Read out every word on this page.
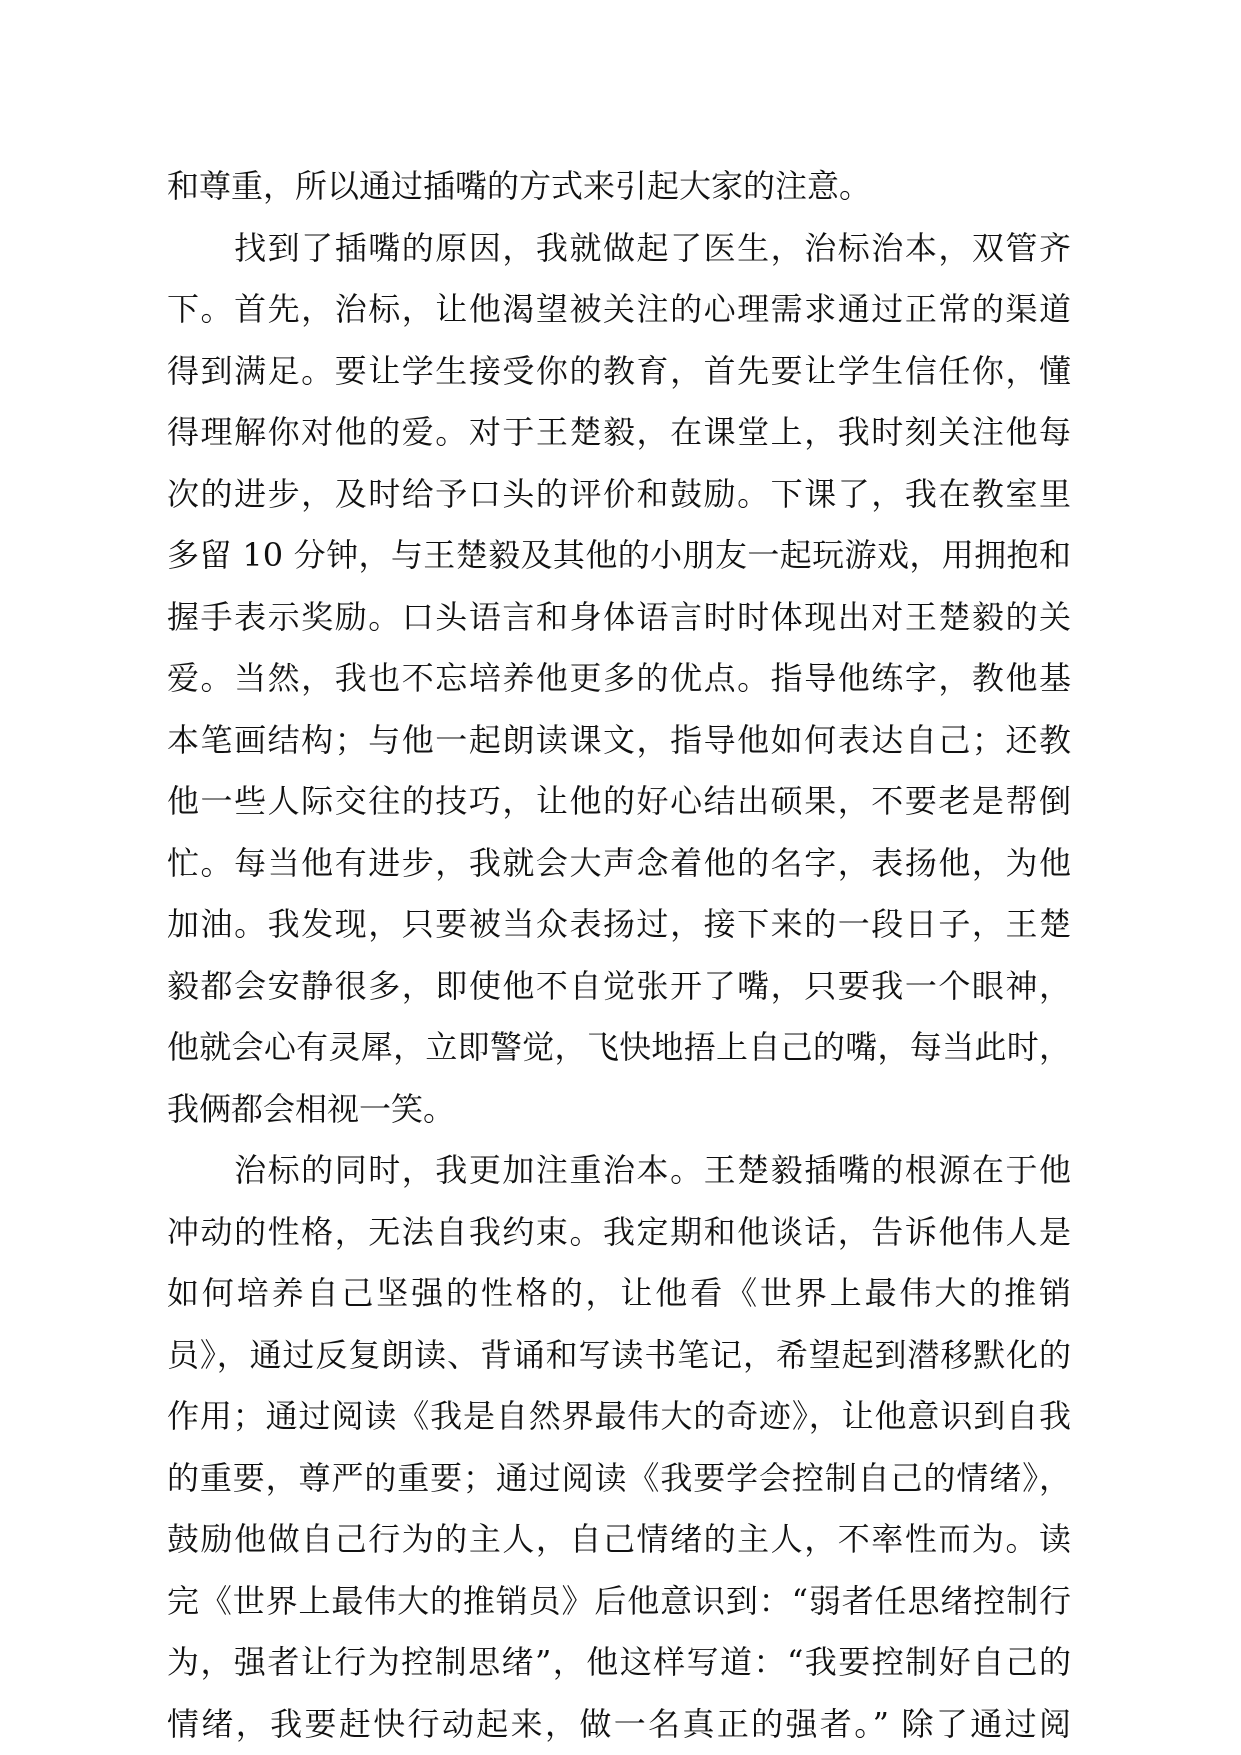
和尊重，所以通过插嘴的方式来引起大家的注意。
　　找到了插嘴的原因，我就做起了医生，治标治本，双管齐
下。首先，治标，让他渴望被关注的心理需求通过正常的渠道
得到满足。要让学生接受你的教育，首先要让学生信任你，懂
得理解你对他的爱。对于王楚毅，在课堂上，我时刻关注他每
次的进步，及时给予口头的评价和鼓励。下课了，我在教室里
多留 10 分钟，与王楚毅及其他的小朋友一起玩游戏，用拥抱和
握手表示奖励。口头语言和身体语言时时体现出对王楚毅的关
爱。当然，我也不忘培养他更多的优点。指导他练字，教他基
本笔画结构；与他一起朗读课文，指导他如何表达自己；还教
他一些人际交往的技巧，让他的好心结出硕果，不要老是帮倒
忙。每当他有进步，我就会大声念着他的名字，表扬他，为他
加油。我发现，只要被当众表扬过，接下来的一段日子，王楚
毅都会安静很多，即使他不自觉张开了嘴，只要我一个眼神，
他就会心有灵犀，立即警觉，飞快地捂上自己的嘴，每当此时，
我俩都会相视一笑。
　　治标的同时，我更加注重治本。王楚毅插嘴的根源在于他
冲动的性格，无法自我约束。我定期和他谈话，告诉他伟人是
如何培养自己坚强的性格的，让他看《世界上最伟大的推销
员》，通过反复朗读、背诵和写读书笔记，希望起到潜移默化的
作用；通过阅读《我是自然界最伟大的奇迹》，让他意识到自我
的重要，尊严的重要；通过阅读《我要学会控制自己的情绪》，
鼓励他做自己行为的主人，自己情绪的主人，不率性而为。读
完《世界上最伟大的推销员》后他意识到：“弱者任思绪控制行
为，强者让行为控制思绪”，他这样写道：“我要控制好自己的
情绪，我要赶快行动起来，做一名真正的强者。” 除了通过阅
